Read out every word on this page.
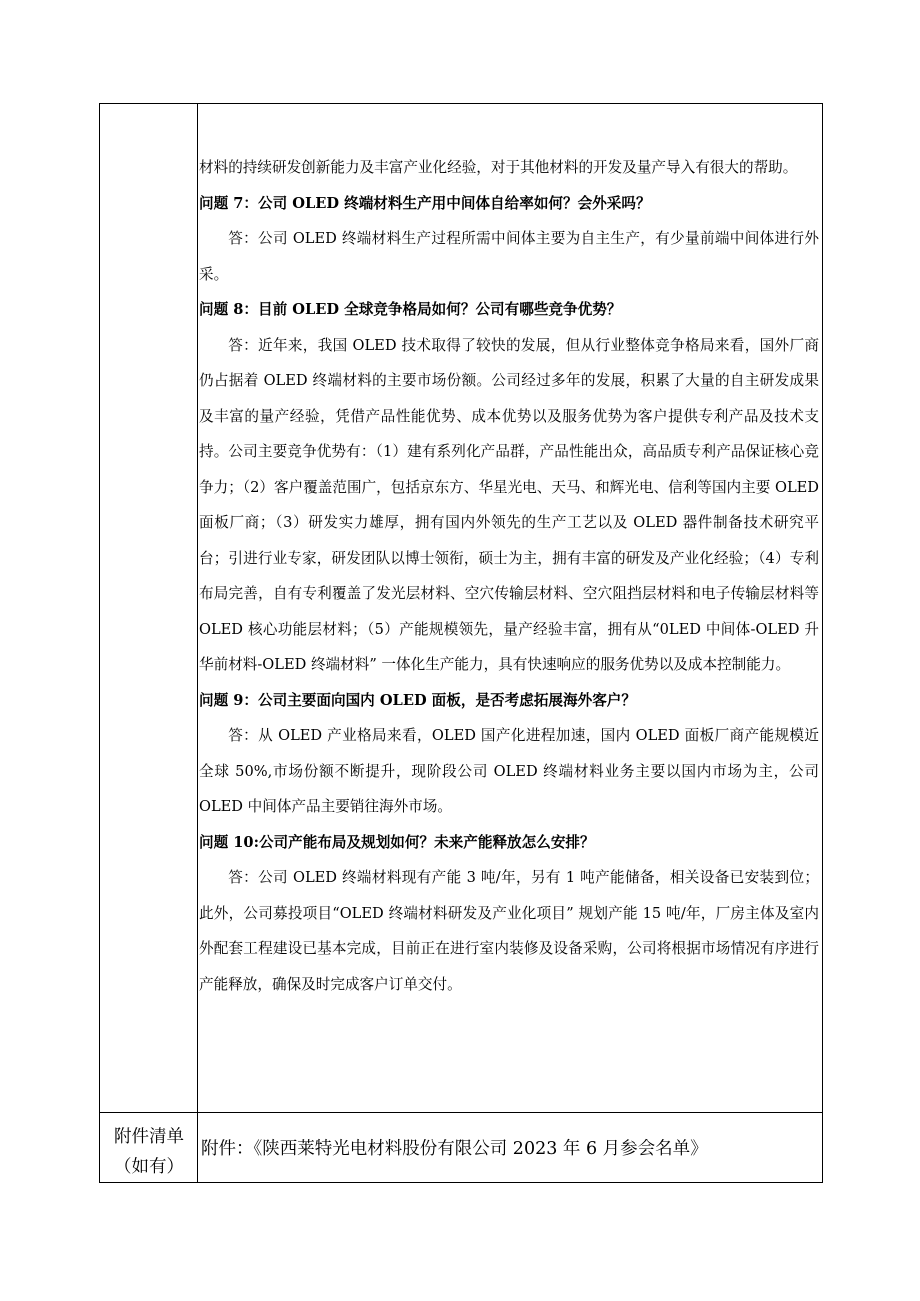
材料的持续研发创新能力及丰富产业化经验，对于其他材料的开发及量产导入有很大的帮助。

问题 7：公司 OLED 终端材料生产用中间体自给率如何？会外采吗？

答：公司 OLED 终端材料生产过程所需中间体主要为自主生产，有少量前端中间体进行外采。

问题 8：目前 OLED 全球竞争格局如何？公司有哪些竞争优势？

答：近年来，我国 OLED 技术取得了较快的发展，但从行业整体竞争格局来看，国外厂商仍占据着 OLED 终端材料的主要市场份额。公司经过多年的发展，积累了大量的自主研发成果及丰富的量产经验，凭借产品性能优势、成本优势以及服务优势为客户提供专利产品及技术支持。公司主要竞争优势有：（1）建有系列化产品群，产品性能出众，高品质专利产品保证核心竞争力；（2）客户覆盖范围广，包括京东方、华星光电、天马、和辉光电、信利等国内主要 OLED 面板厂商；（3）研发实力雄厚，拥有国内外领先的生产工艺以及 OLED 器件制备技术研究平台；引进行业专家，研发团队以博士领衔，硕士为主，拥有丰富的研发及产业化经验；（4）专利布局完善，自有专利覆盖了发光层材料、空穴传输层材料、空穴阻挡层材料和电子传输层材料等 OLED 核心功能层材料；（5）产能规模领先，量产经验丰富，拥有从“0LED 中间体-OLED 升华前材料-OLED 终端材料” 一体化生产能力，具有快速响应的服务优势以及成本控制能力。

问题 9：公司主要面向国内 OLED 面板，是否考虑拓展海外客户？

答：从 OLED 产业格局来看，OLED 国产化进程加速，国内 OLED 面板厂商产能规模近全球 50%,市场份额不断提升，现阶段公司 OLED 终端材料业务主要以国内市场为主，公司 OLED 中间体产品主要销往海外市场。

问题 10:公司产能布局及规划如何？未来产能释放怎么安排？

答：公司 OLED 终端材料现有产能 3 吨/年，另有 1 吨产能储备，相关设备已安装到位；此外，公司募投项目“OLED 终端材料研发及产业化项目” 规划产能 15 吨/年，厂房主体及室内外配套工程建设已基本完成，目前正在进行室内装修及设备采购，公司将根据市场情况有序进行产能释放，确保及时完成客户订单交付。

附件清单
（如有）
附件：《陕西莱特光电材料股份有限公司 2023 年 6 月参会名单》
